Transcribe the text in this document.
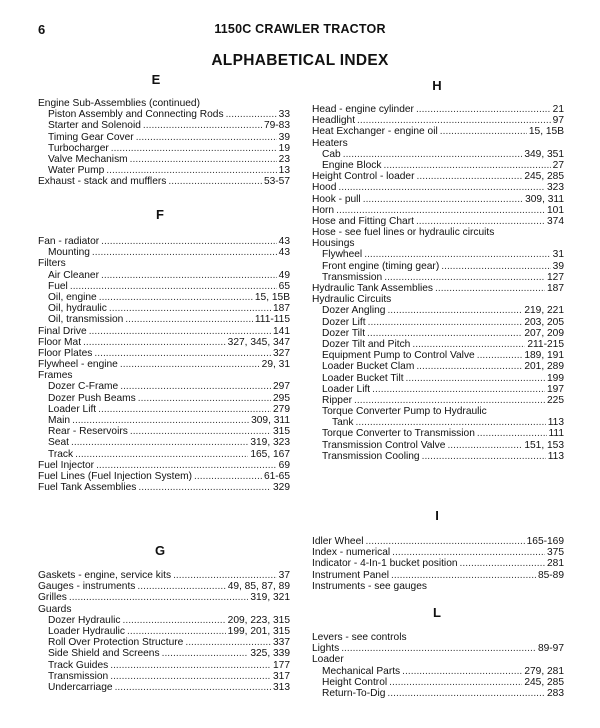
6	1150C CRAWLER TRACTOR
ALPHABETICAL INDEX
E
Engine Sub-Assemblies (continued)
Piston Assembly and Connecting Rods . . .	33
Starter and Solenoid . . .	79-83
Timing Gear Cover . . .	39
Turbocharger . . .	19
Valve Mechanism . . .	23
Water Pump . . .	13
Exhaust - stack and mufflers . . .	53-57
F
Fan - radiator . . .	43
Mounting . . .	43
Filters
Air Cleaner . . .	49
Fuel . . .	65
Oil, engine . . .	15, 15B
Oil, hydraulic . . .	187
Oil, transmission . . .	111-115
Final Drive . . .	141
Floor Mat . . .	327, 345, 347
Floor Plates . . .	327
Flywheel - engine . . .	29, 31
Frames
Dozer C-Frame . . .	297
Dozer Push Beams . . .	295
Loader Lift . . .	279
Main . . .	309, 311
Rear - Reservoirs . . .	315
Seat . . .	319, 323
Track . . .	165, 167
Fuel Injector . . .	69
Fuel Lines (Fuel Injection System) . . .	61-65
Fuel Tank Assemblies . . .	329
G
Gaskets - engine, service kits . . .	37
Gauges - instruments . . .	49, 85, 87, 89
Grilles . . .	319, 321
Guards
Dozer Hydraulic . . .	209, 223, 315
Loader Hydraulic . . .	199, 201, 315
Roll Over Protection Structure . . .	337
Side Shield and Screens . . .	325, 339
Track Guides . . .	177
Transmission . . .	317
Undercarriage . . .	313
H
Head - engine cylinder . . .	21
Headlight . . .	97
Heat Exchanger - engine oil . . .	15, 15B
Heaters
Cab . . .	349, 351
Engine Block . . .	27
Height Control - loader . . .	245, 285
Hood . . .	323
Hook - pull . . .	309, 311
Horn . . .	101
Hose and Fitting Chart . . .	374
Hose - see fuel lines or hydraulic circuits
Housings
Flywheel . . .	31
Front engine (timing gear) . . .	39
Transmission . . .	127
Hydraulic Tank Assemblies . . .	187
Hydraulic Circuits
Dozer Angling . . .	219, 221
Dozer Lift . . .	203, 205
Dozer Tilt . . .	207, 209
Dozer Tilt and Pitch . . .	211-215
Equipment Pump to Control Valve . . .	189, 191
Loader Bucket Clam . . .	201, 289
Loader Bucket Tilt . . .	199
Loader Lift . . .	197
Ripper . . .	225
Torque Converter Pump to Hydraulic
Tank . . .	113
Torque Converter to Transmission . . .	111
Transmission Control Valve . . .	151, 153
Transmission Cooling . . .	113
I
Idler Wheel . . .	165-169
Index - numerical . . .	375
Indicator - 4-In-1 bucket position . . .	281
Instrument Panel . . .	85-89
Instruments - see gauges
L
Levers - see controls
Lights . . .	89-97
Loader
Mechanical Parts . . .	279, 281
Height Control . . .	245, 285
Return-To-Dig . . .	283
